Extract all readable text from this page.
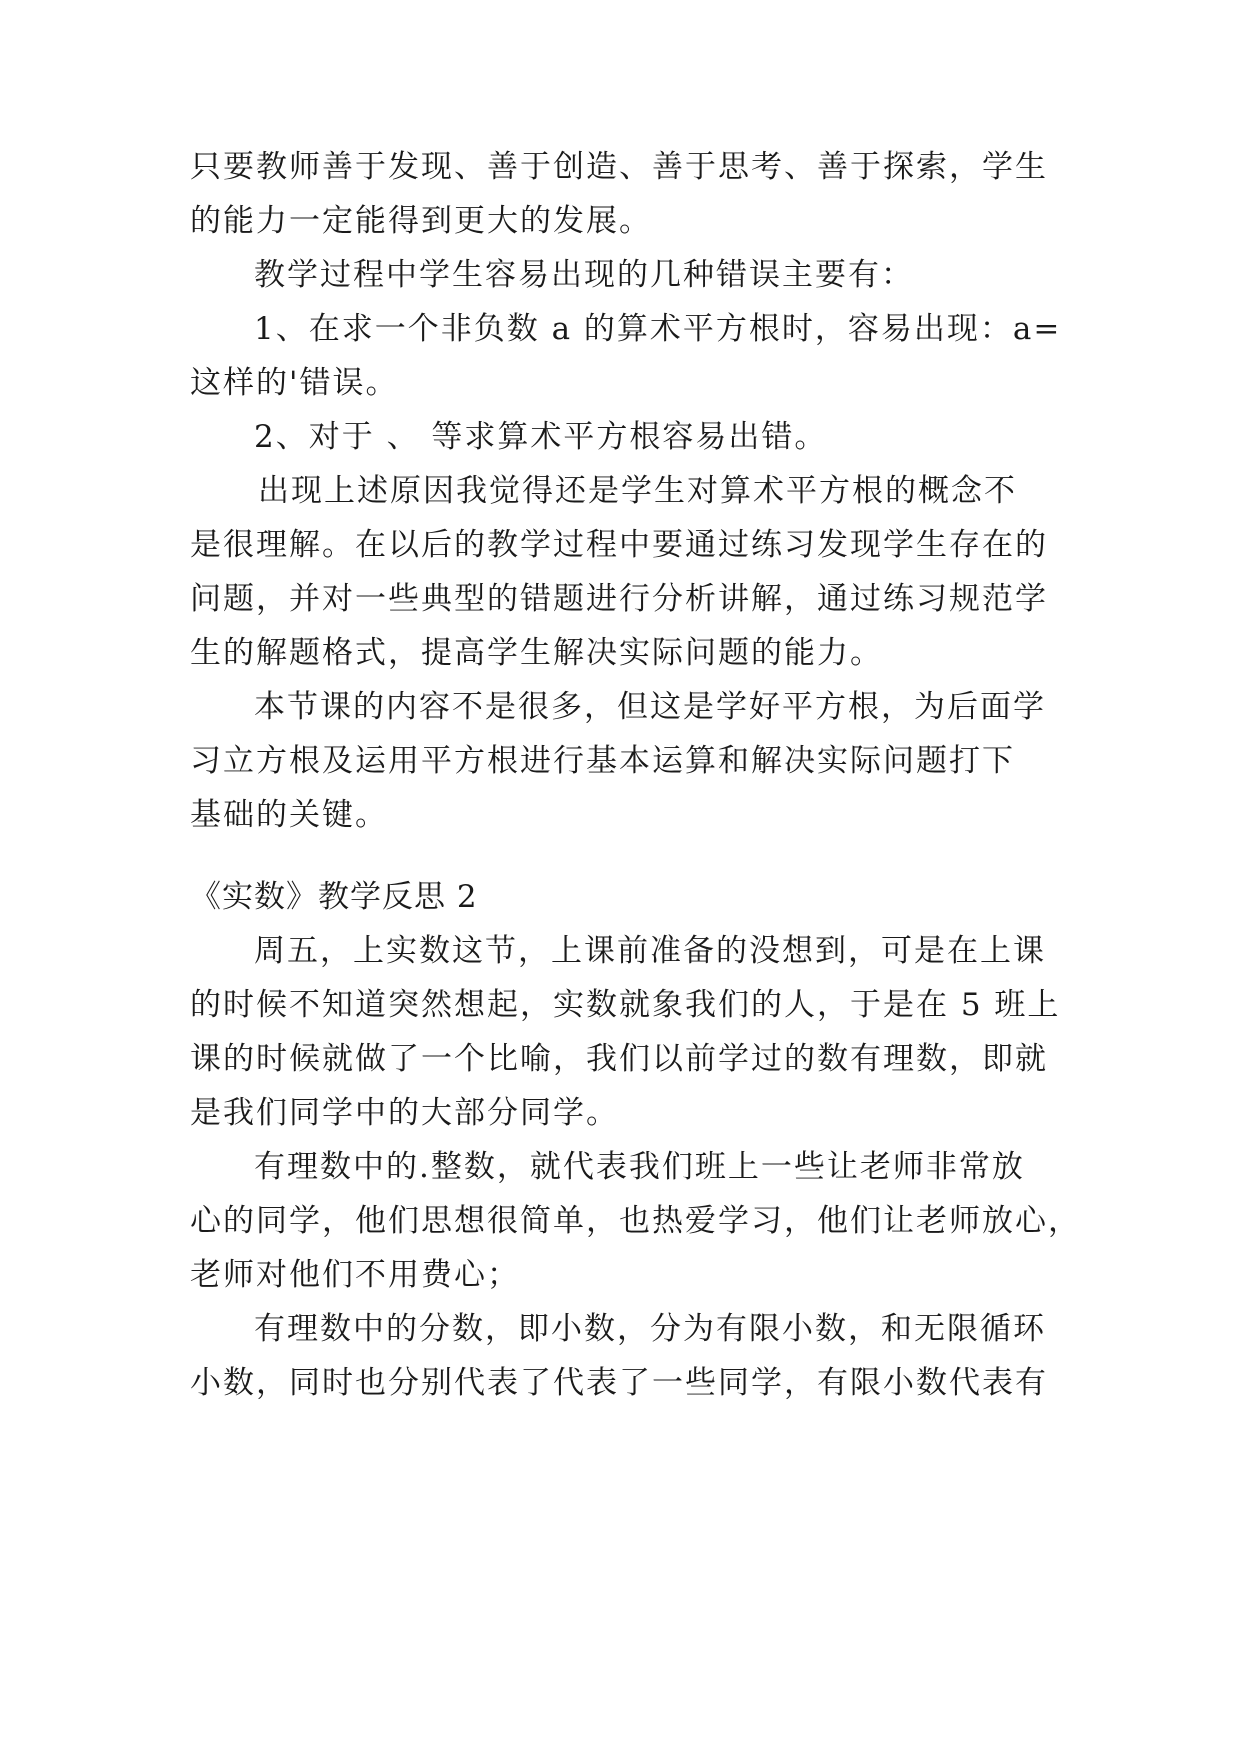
只要教师善于发现、善于创造、善于思考、善于探索，学生
的能力一定能得到更大的发展。
教学过程中学生容易出现的几种错误主要有：
1、在求一个非负数 a 的算术平方根时，容易出现：a=
这样的'错误。
2、对于 、 等求算术平方根容易出错。
出现上述原因我觉得还是学生对算术平方根的概念不
是很理解。在以后的教学过程中要通过练习发现学生存在的
问题，并对一些典型的错题进行分析讲解，通过练习规范学
生的解题格式，提高学生解决实际问题的能力。
本节课的内容不是很多，但这是学好平方根，为后面学
习立方根及运用平方根进行基本运算和解决实际问题打下
基础的关键。
《实数》教学反思 2
周五，上实数这节，上课前准备的没想到，可是在上课
的时候不知道突然想起，实数就象我们的人，于是在 5 班上
课的时候就做了一个比喻，我们以前学过的数有理数，即就
是我们同学中的大部分同学。
有理数中的.整数，就代表我们班上一些让老师非常放
心的同学，他们思想很简单，也热爱学习，他们让老师放心，
老师对他们不用费心；
有理数中的分数，即小数，分为有限小数，和无限循环
小数，同时也分别代表了代表了一些同学，有限小数代表有
